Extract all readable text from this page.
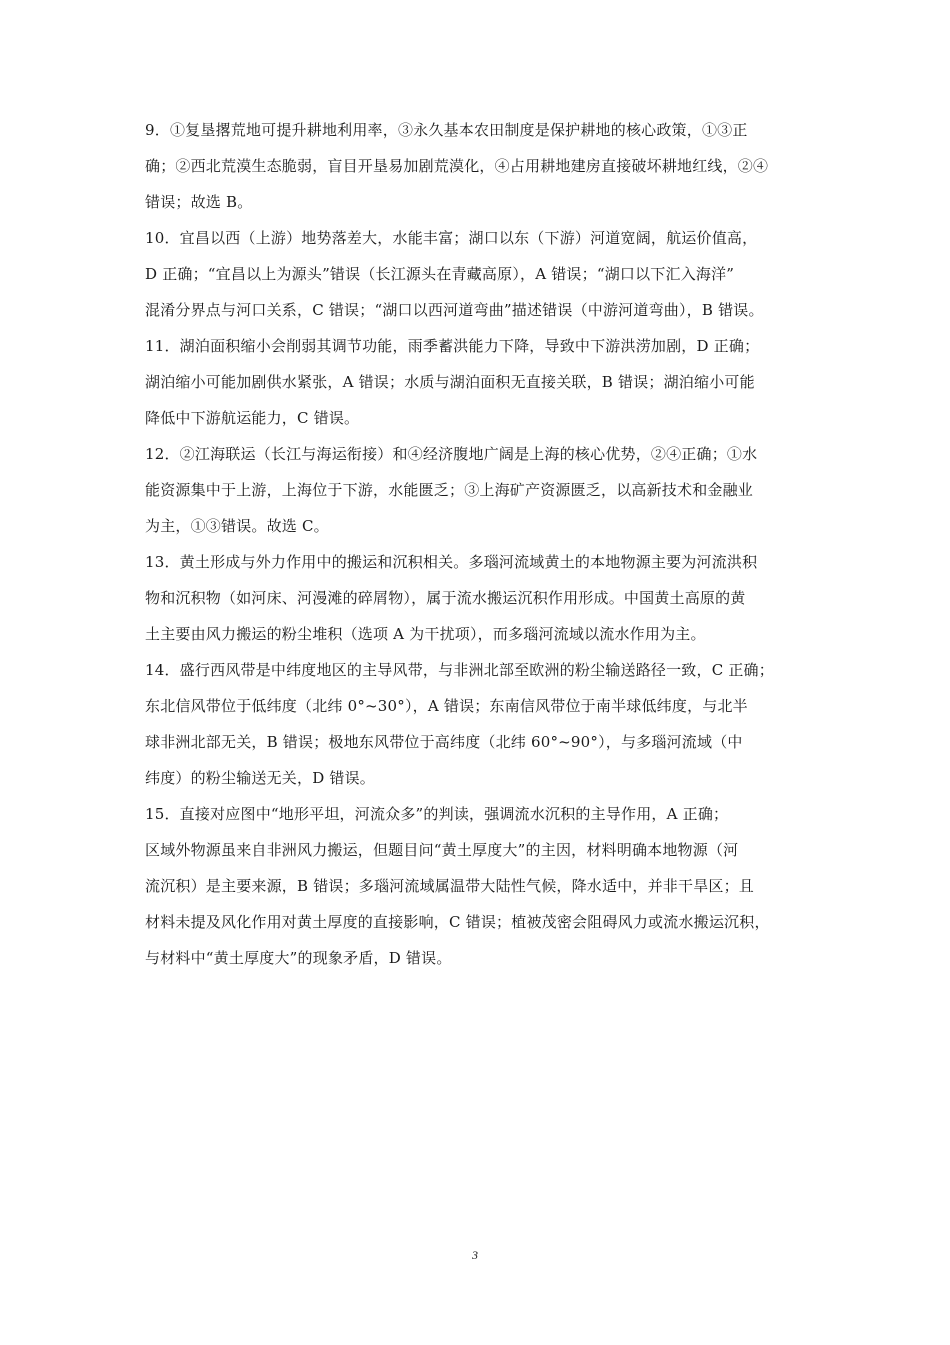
9．①复垦撂荒地可提升耕地利用率，③永久基本农田制度是保护耕地的核心政策，①③正
确；②西北荒漠生态脆弱，盲目开垦易加剧荒漠化，④占用耕地建房直接破坏耕地红线，②④
错误；故选 B。
10．宜昌以西（上游）地势落差大，水能丰富；湖口以东（下游）河道宽阔，航运价值高，
D 正确；“宜昌以上为源头”错误（长江源头在青藏高原），A 错误；“湖口以下汇入海洋”
混淆分界点与河口关系，C 错误；“湖口以西河道弯曲”描述错误（中游河道弯曲），B 错误。
11．湖泊面积缩小会削弱其调节功能，雨季蓄洪能力下降，导致中下游洪涝加剧，D 正确；
湖泊缩小可能加剧供水紧张，A 错误；水质与湖泊面积无直接关联，B 错误；湖泊缩小可能
降低中下游航运能力，C 错误。
12．②江海联运（长江与海运衔接）和④经济腹地广阔是上海的核心优势，②④正确；①水
能资源集中于上游，上海位于下游，水能匮乏；③上海矿产资源匮乏，以高新技术和金融业
为主，①③错误。故选 C。
13．黄土形成与外力作用中的搬运和沉积相关。多瑙河流域黄土的本地物源主要为河流洪积
物和沉积物（如河床、河漫滩的碎屑物），属于流水搬运沉积作用形成。中国黄土高原的黄
土主要由风力搬运的粉尘堆积（选项 A 为干扰项），而多瑙河流域以流水作用为主。
14．盛行西风带是中纬度地区的主导风带，与非洲北部至欧洲的粉尘输送路径一致，C 正确；
东北信风带位于低纬度（北纬 0°~30°），A 错误；东南信风带位于南半球低纬度，与北半
球非洲北部无关，B 错误；极地东风带位于高纬度（北纬 60°~90°），与多瑙河流域（中
纬度）的粉尘输送无关，D 错误。
15．直接对应图中“地形平坦，河流众多”的判读，强调流水沉积的主导作用，A 正确；
区域外物源虽来自非洲风力搬运，但题目问“黄土厚度大”的主因，材料明确本地物源（河
流沉积）是主要来源，B 错误；多瑙河流域属温带大陆性气候，降水适中，并非干旱区；且
材料未提及风化作用对黄土厚度的直接影响，C 错误；植被茂密会阻碍风力或流水搬运沉积，
与材料中“黄土厚度大”的现象矛盾，D 错误。
3
